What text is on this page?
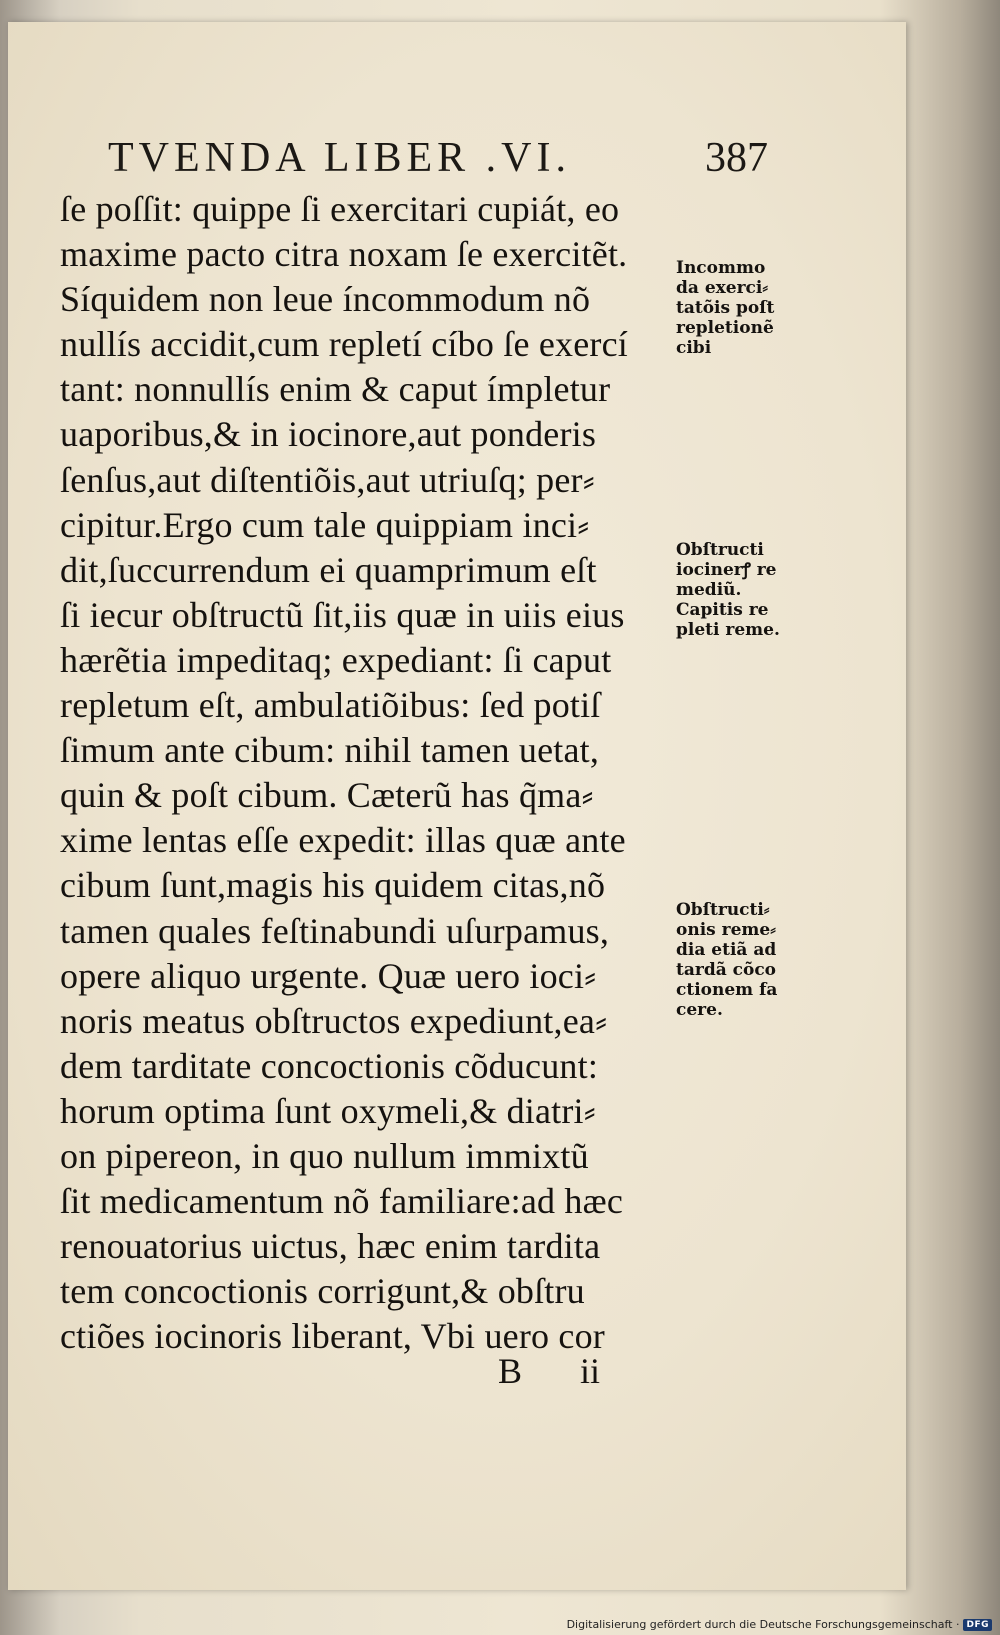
TVENDA LIBER .VI.	387
ſe poſſit: quippe ſi exercitari cupiát, eo
maxime pacto citra noxam ſe exercitẽt.
Síquidem non leue íncommodum nõ
nullís accidit,cum repletí cíbo ſe exercí
tant: nonnullís enim & caput ímpletur
uaporibus,& in iocinore,aut ponderis
ſenſus,aut diſtentiõis,aut utriuſq; per⸗
cipitur.Ergo cum tale quippiam inci⸗
dit,ſuccurrendum ei quamprimum eſt
ſi iecur obſtructũ ſit,iis quæ in uiis eius
hærẽtia impeditaq; expediant: ſi caput
repletum eſt, ambulatiõibus: ſed potiſ
ſimum ante cibum: nihil tamen uetat,
quin & poſt cibum. Cæterũ has q̃ma⸗
xime lentas eſſe expedit: illas quæ ante
cibum ſunt,magis his quidem citas,nõ
tamen quales feſtinabundi uſurpamus,
opere aliquo urgente. Quæ uero ioci⸗
noris meatus obſtructos expediunt,ea⸗
dem tarditate concoctionis cõducunt:
horum optima ſunt oxymeli,& diatri⸗
on pipereon, in quo nullum immixtũ
ſit medicamentum nõ familiare:ad hæc
renouatorius uictus, hæc enim tardita
tem concoctionis corrigunt,& obſtru
ctiões iocinoris liberant, Vbi uero cor
Incommo
da exerci⸗
tatõis poſt
repletionẽ
cibi
Obſtructi
iocinerꝭ re
mediũ.
Capitis re
pleti reme.
Obſtructi⸗
onis reme⸗
dia etiã ad
tardã cõco
ctionem fa
cere.
B ii
Digitalisierung gefördert durch die Deutsche Forschungsgemeinschaft · DFG
